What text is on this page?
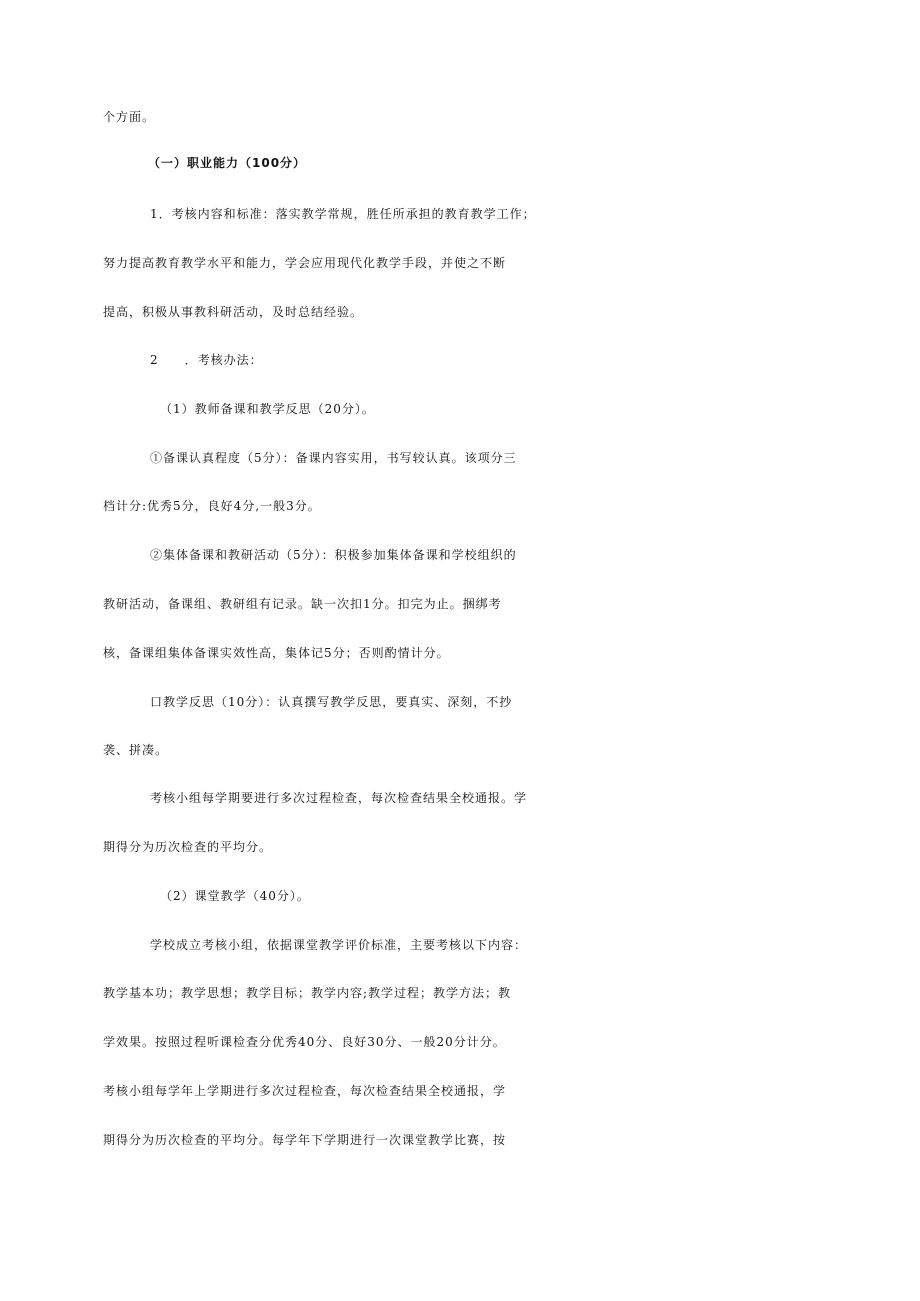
个方面。
（一）职业能力（100分）
1．考核内容和标准：落实教学常规，胜任所承担的教育教学工作；
努力提高教育教学水平和能力，学会应用现代化教学手段，并使之不断
提高，积极从事教科研活动，及时总结经验。
2　　．考核办法：
（1）教师备课和教学反思（20分）。
①备课认真程度（5分）：备课内容实用，书写较认真。该项分三
档计分:优秀5分，良好4分,一般3分。
②集体备课和教研活动（5分）：积极参加集体备课和学校组织的
教研活动，备课组、教研组有记录。缺一次扣1分。扣完为止。捆绑考
核，备课组集体备课实效性高，集体记5分；否则酌情计分。
口教学反思（10分）：认真撰写教学反思，要真实、深刻，不抄
袭、拼凑。
考核小组每学期要进行多次过程检查，每次检查结果全校通报。学
期得分为历次检查的平均分。
（2）课堂教学（40分）。
学校成立考核小组，依据课堂教学评价标准，主要考核以下内容：
教学基本功；教学思想；教学目标；教学内容;教学过程；教学方法；教
学效果。按照过程听课检查分优秀40分、良好30分、一般20分计分。
考核小组每学年上学期进行多次过程检查，每次检查结果全校通报，学
期得分为历次检查的平均分。每学年下学期进行一次课堂教学比赛，按
